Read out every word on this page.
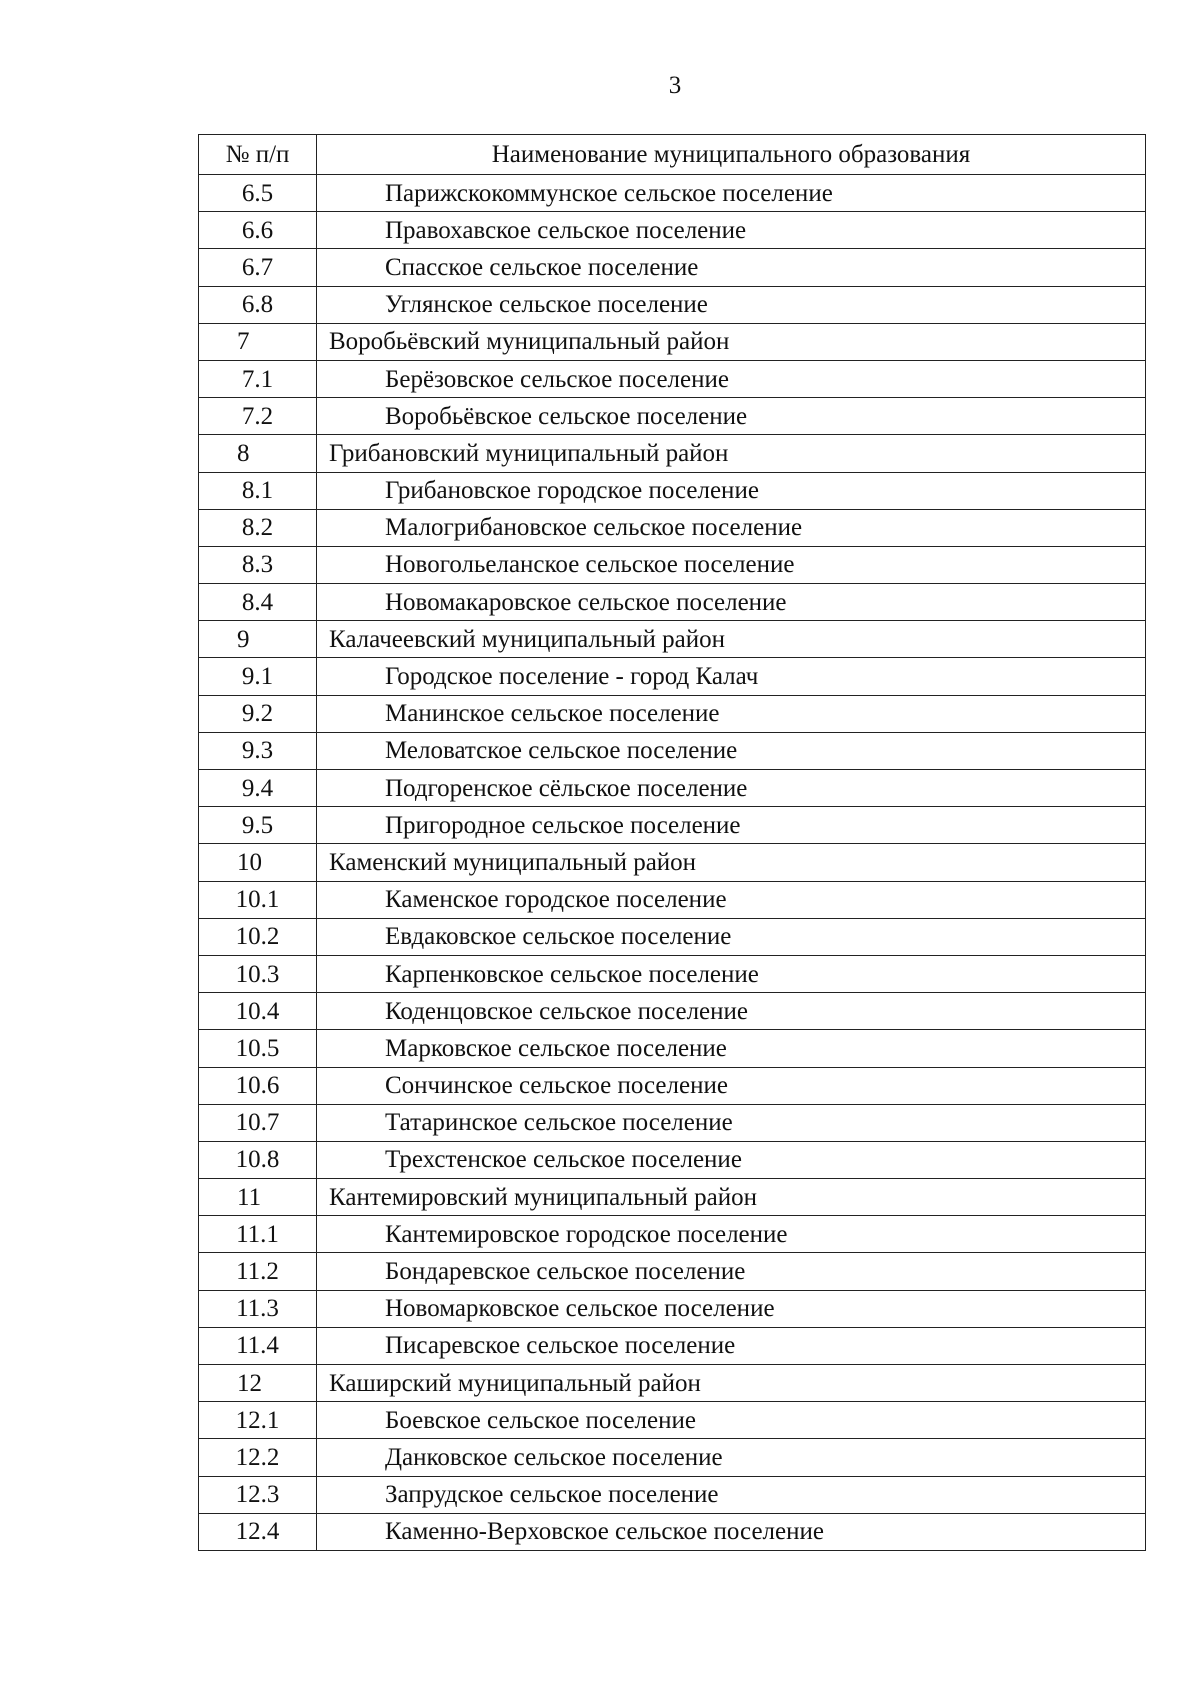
3
№ п/п	Наименование муниципального образования
6.5	Парижскокоммунское сельское поселение
6.6	Правохавское сельское поселение
6.7	Спасское сельское поселение
6.8	Углянское сельское поселение
7	Воробьёвский муниципальный район
7.1	Берёзовское сельское поселение
7.2	Воробьёвское сельское поселение
8	Грибановский муниципальный район
8.1	Грибановское городское поселение
8.2	Малогрибановское сельское поселение
8.3	Новогольеланское сельское поселение
8.4	Новомакаровское сельское поселение
9	Калачеевский муниципальный район
9.1	Городское поселение - город Калач
9.2	Манинское сельское поселение
9.3	Меловатское сельское поселение
9.4	Подгоренское сёльское поселение
9.5	Пригородное сельское поселение
10	Каменский муниципальный район
10.1	Каменское городское поселение
10.2	Евдаковское сельское поселение
10.3	Карпенковское сельское поселение
10.4	Коденцовское сельское поселение
10.5	Марковское сельское поселение
10.6	Сончинское сельское поселение
10.7	Татаринское сельское поселение
10.8	Трехстенское сельское поселение
11	Кантемировский муниципальный район
11.1	Кантемировское городское поселение
11.2	Бондаревское сельское поселение
11.3	Новомарковское сельское поселение
11.4	Писаревское сельское поселение
12	Каширский муниципальный район
12.1	Боевское сельское поселение
12.2	Данковское сельское поселение
12.3	Запрудское сельское поселение
12.4	Каменно-Верховское сельское поселение
